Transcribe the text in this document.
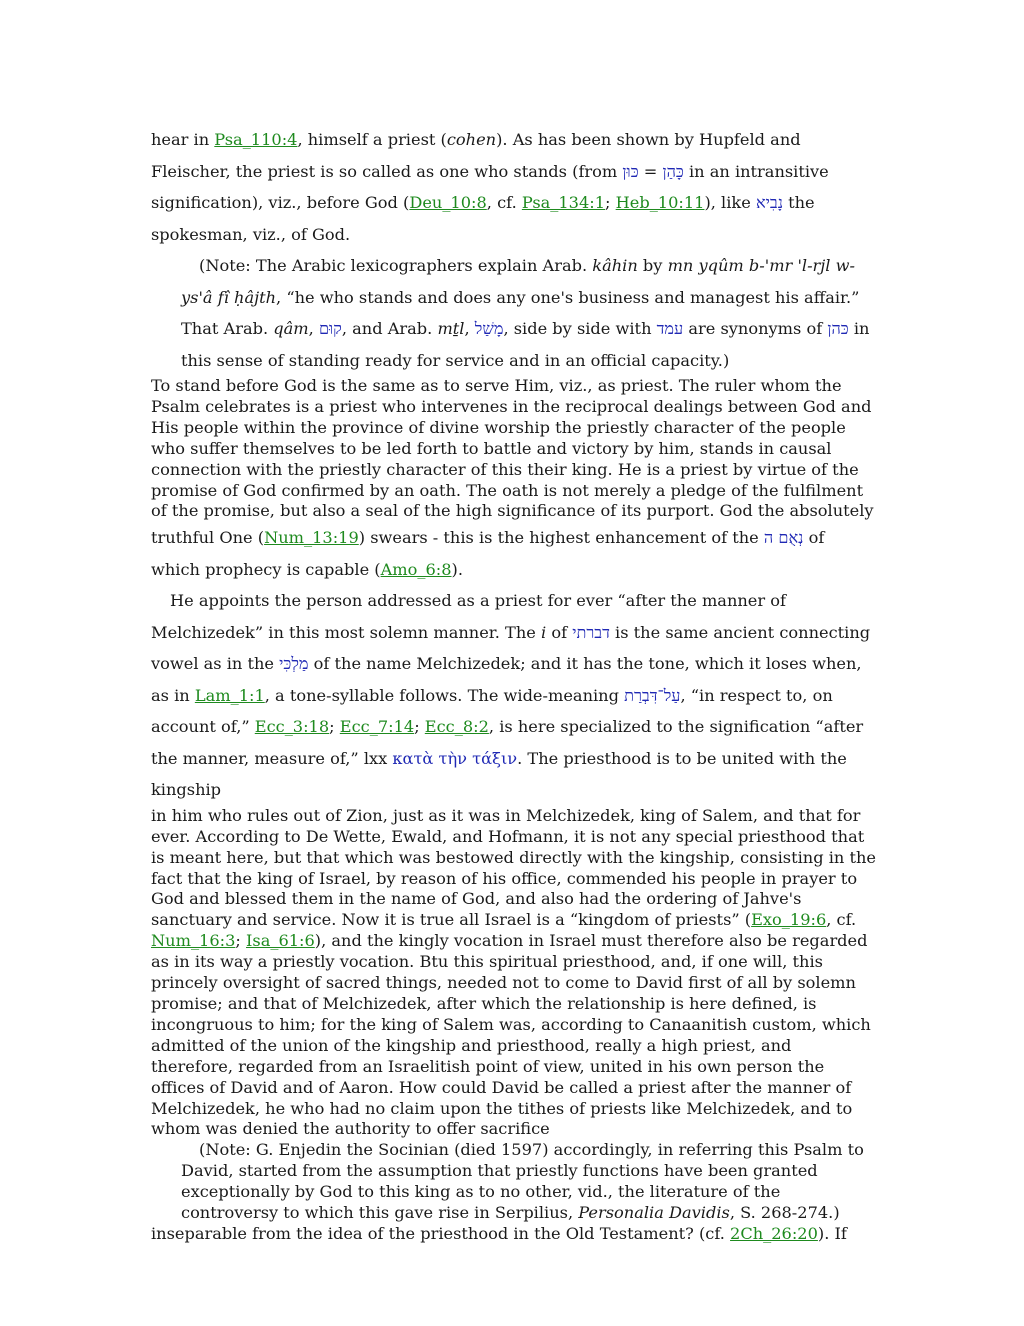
hear in Psa_110:4, himself a priest (cohen). As has been shown by Hupfeld and Fleischer, the priest is so called as one who stands (from כָּהַן = כּוּן	in an intransitive signification), viz., before God (Deu_10:8, cf. Psa_134:1; Heb_10:11), like נָבִיא the spokesman, viz., of God.

(Note: The Arabic lexicographers explain Arab. kâhin by mn yqûm b-'mr 'l-rjl w-ys'â fî ḥâjth, “he who stands and does any one's business and managest his affair.” That Arab. qâm, קוּם, and Arab. mṯl, מָשַׁל, side by side with עמד are synonyms of כּהן in this sense of standing ready for service and in an official capacity.)

To stand before God is the same as to serve Him, viz., as priest. The ruler whom the Psalm celebrates is a priest who intervenes in the reciprocal dealings between God and His people within the province of divine worship the priestly character of the people who suffer themselves to be led forth to battle and victory by him, stands in causal connection with the priestly character of this their king. He is a priest by virtue of the promise of God confirmed by an oath. The oath is not merely a pledge of the fulfilment of the promise, but also a seal of the high significance of its purport. God the absolutely

truthful One (Num_13:19) swears - this is the highest enhancement of the נְאֻם ה of which prophecy is capable (Amo_6:8).

He appoints the person addressed as a priest for ever “after the manner of Melchizedek” in this most solemn manner. The i of דברתי is the same ancient connecting vowel as in the מַלְכִּי of the name Melchizedek; and it has the tone, which it loses when, as in Lam_1:1, a tone-syllable follows. The wide-meaning עַל־דִּבְרַת, “in respect to, on account of,” Ecc_3:18; Ecc_7:14; Ecc_8:2, is here specialized to the signification “after the manner, measure of,” lxx κατὰ τὴν τάξιν. The priesthood is to be united with the kingship

in him who rules out of Zion, just as it was in Melchizedek, king of Salem, and that for ever. According to De Wette, Ewald, and Hofmann, it is not any special priesthood that is meant here, but that which was bestowed directly with the kingship, consisting in the fact that the king of Israel, by reason of his office, commended his people in prayer to God and blessed them in the name of God, and also had the ordering of Jahve's sanctuary and service. Now it is true all Israel is a “kingdom of priests” (Exo_19:6, cf. Num_16:3; Isa_61:6), and the kingly vocation in Israel must therefore also be regarded as in its way a priestly vocation. Btu this spiritual priesthood, and, if one will, this princely oversight of sacred things, needed not to come to David first of all by solemn promise; and that of Melchizedek, after which the relationship is here defined, is incongruous to him; for the king of Salem was, according to Canaanitish custom, which admitted of the union of the kingship and priesthood, really a high priest, and therefore, regarded from an Israelitish point of view, united in his own person the offices of David and of Aaron. How could David be called a priest after the manner of Melchizedek, he who had no claim upon the tithes of priests like Melchizedek, and to whom was denied the authority to offer sacrifice

(Note: G. Enjedin the Socinian (died 1597) accordingly, in referring this Psalm to David, started from the assumption that priestly functions have been granted exceptionally by God to this king as to no other, vid., the literature of the controversy to which this gave rise in Serpilius, Personalia Davidis, S. 268-274.)

inseparable from the idea of the priesthood in the Old Testament? (cf. 2Ch_26:20). If
